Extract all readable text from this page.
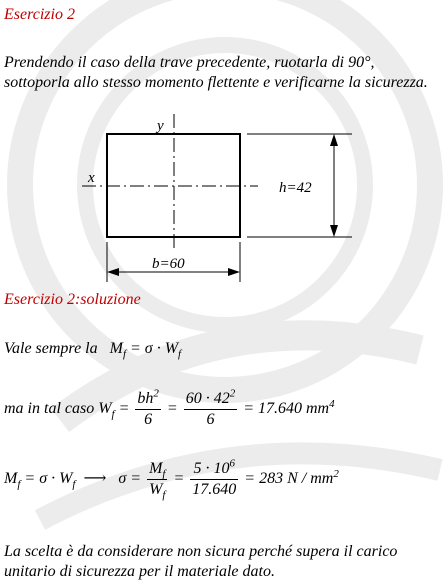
Esercizio 2
Prendendo il caso della trave precedente, ruotarla di 90°, sottoporla allo stesso momento flettente e verificarne la sicurezza.
y
x
h=42
b=60
Esercizio 2:soluzione
Vale sempre la $M_f = \sigma \cdot W_f$
ma in tal caso $W_f = \frac{bh^2}{6} = \frac{60 \cdot 42^2}{6} = 17.640$ $mm^4$
$M_f = \sigma \cdot W_f$ ⟶ $\sigma = \frac{M_f}{W_f} = \frac{5 \cdot 10^6}{17.640} = 283$ N / $mm^2$
La scelta è da considerare non sicura perché supera il carico unitario di sicurezza per il materiale dato.
